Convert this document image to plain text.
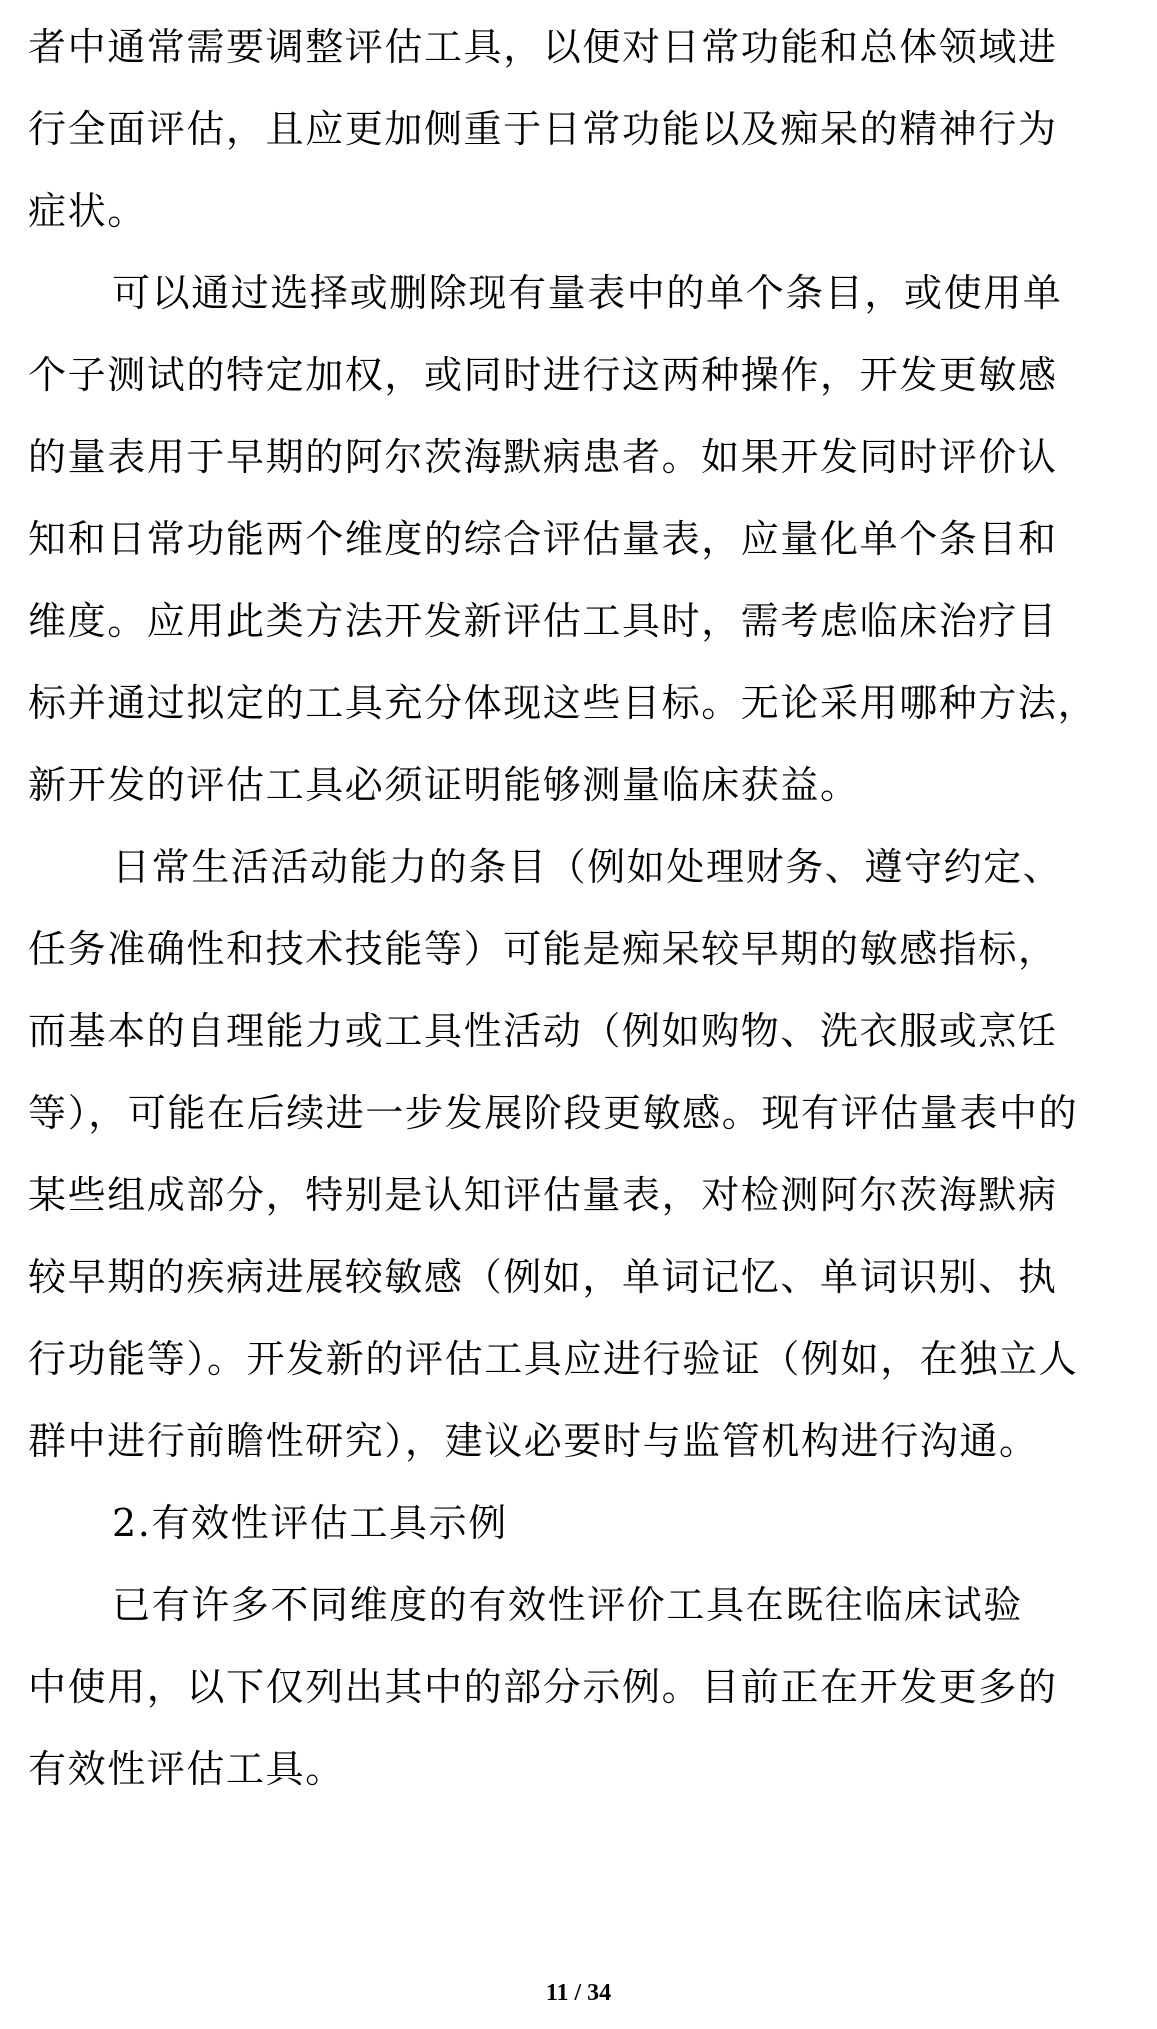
者中通常需要调整评估工具，以便对日常功能和总体领域进
行全面评估，且应更加侧重于日常功能以及痴呆的精神行为
症状。
可以通过选择或删除现有量表中的单个条目，或使用单
个子测试的特定加权，或同时进行这两种操作，开发更敏感
的量表用于早期的阿尔茨海默病患者。如果开发同时评价认
知和日常功能两个维度的综合评估量表，应量化单个条目和
维度。应用此类方法开发新评估工具时，需考虑临床治疗目
标并通过拟定的工具充分体现这些目标。无论采用哪种方法，
新开发的评估工具必须证明能够测量临床获益。
日常生活活动能力的条目（例如处理财务、遵守约定、
任务准确性和技术技能等）可能是痴呆较早期的敏感指标，
而基本的自理能力或工具性活动（例如购物、洗衣服或烹饪
等），可能在后续进一步发展阶段更敏感。现有评估量表中的
某些组成部分，特别是认知评估量表，对检测阿尔茨海默病
较早期的疾病进展较敏感（例如，单词记忆、单词识别、执
行功能等）。开发新的评估工具应进行验证（例如，在独立人
群中进行前瞻性研究），建议必要时与监管机构进行沟通。
2.有效性评估工具示例
已有许多不同维度的有效性评价工具在既往临床试验
中使用，以下仅列出其中的部分示例。目前正在开发更多的
有效性评估工具。
11 / 34
